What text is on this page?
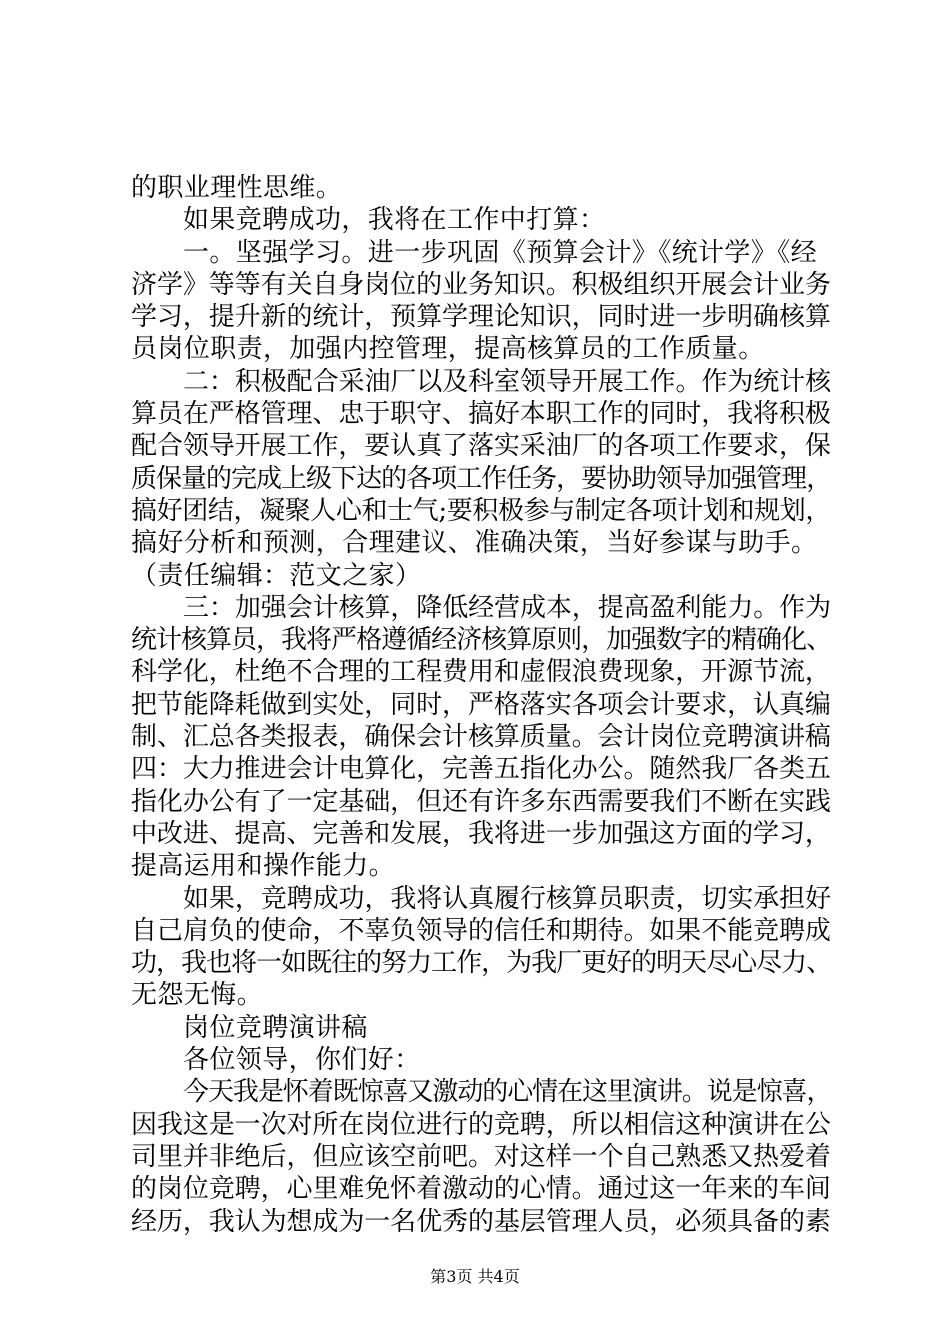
的职业理性思维。
如果竞聘成功，我将在工作中打算：
一。坚强学习。进一步巩固《预算会计》《统计学》《经
济学》等等有关自身岗位的业务知识。积极组织开展会计业务
学习，提升新的统计，预算学理论知识，同时进一步明确核算
员岗位职责，加强内控管理，提高核算员的工作质量。
二：积极配合采油厂以及科室领导开展工作。作为统计核
算员在严格管理、忠于职守、搞好本职工作的同时，我将积极
配合领导开展工作，要认真了落实采油厂的各项工作要求，保
质保量的完成上级下达的各项工作任务，要协助领导加强管理，
搞好团结，凝聚人心和士气;要积极参与制定各项计划和规划，
搞好分析和预测，合理建议、准确决策，当好参谋与助手。
（责任编辑：范文之家）
三：加强会计核算，降低经营成本，提高盈利能力。作为
统计核算员，我将严格遵循经济核算原则，加强数字的精确化、
科学化，杜绝不合理的工程费用和虚假浪费现象，开源节流，
把节能降耗做到实处，同时，严格落实各项会计要求，认真编
制、汇总各类报表，确保会计核算质量。会计岗位竞聘演讲稿
四：大力推进会计电算化，完善五指化办公。随然我厂各类五
指化办公有了一定基础，但还有许多东西需要我们不断在实践
中改进、提高、完善和发展，我将进一步加强这方面的学习，
提高运用和操作能力。
如果，竞聘成功，我将认真履行核算员职责，切实承担好
自己肩负的使命，不辜负领导的信任和期待。如果不能竞聘成
功，我也将一如既往的努力工作，为我厂更好的明天尽心尽力、
无怨无悔。
岗位竞聘演讲稿
各位领导，你们好：
今天我是怀着既惊喜又激动的心情在这里演讲。说是惊喜，
因我这是一次对所在岗位进行的竞聘，所以相信这种演讲在公
司里并非绝后，但应该空前吧。对这样一个自己熟悉又热爱着
的岗位竞聘，心里难免怀着激动的心情。通过这一年来的车间
经历，我认为想成为一名优秀的基层管理人员，必须具备的素
第3页 共4页
